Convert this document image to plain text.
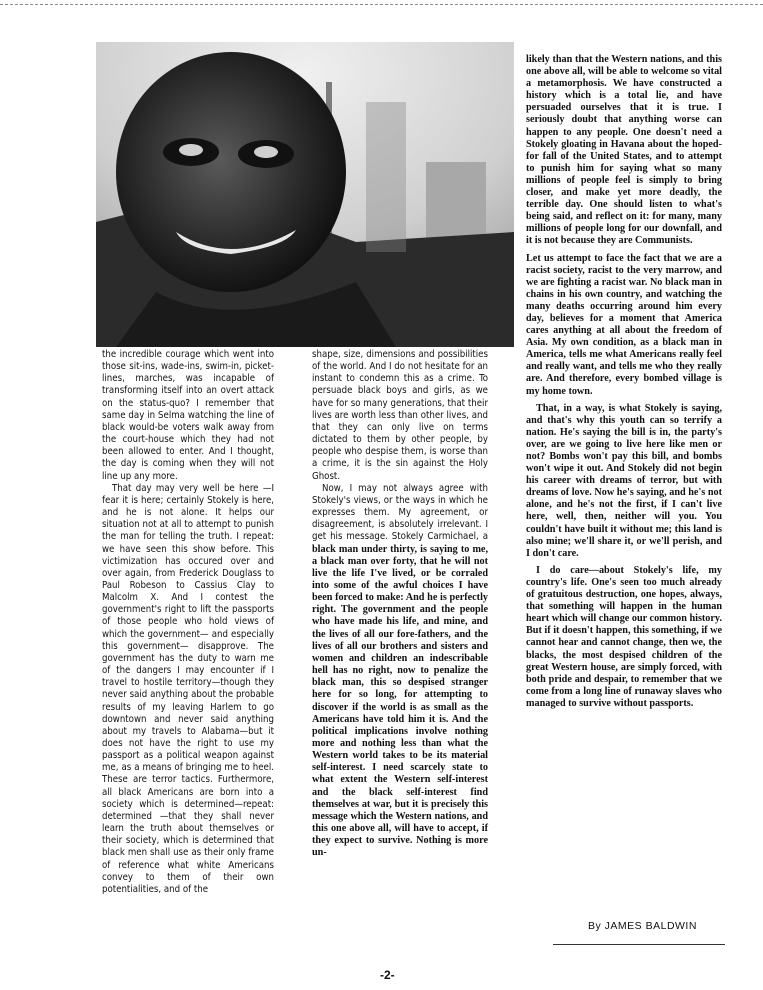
the incredible courage which went into those sit-ins, wade-ins, swim-in, picket-lines, marches, was incapable of transforming itself into an overt attack on the status-quo? I remember that same day in Selma watching the line of black would-be voters walk away from the court-house which they had not been allowed to enter. And I thought, the day is coming when they will not line up any more.

That day may very well be here —I fear it is here; certainly Stokely is here, and he is not alone. It helps our situation not at all to attempt to punish the man for telling the truth. I repeat: we have seen this show before. This victimization has occured over and over again, from Frederick Douglass to Paul Robeson to Cassius Clay to Malcolm X. And I contest the government's right to lift the passports of those people who hold views of which the government— and especially this government— disapprove. The government has the duty to warn me of the dangers I may encounter if I travel to hostile territory—though they never said anything about the probable results of my leaving Harlem to go downtown and never said anything about my travels to Alabama—but it does not have the right to use my passport as a political weapon against me, as a means of bringing me to heel. These are terror tactics. Furthermore, all black Americans are born into a society which is determined—repeat: determined —that they shall never learn the truth about themselves or their society, which is determined that black men shall use as their only frame of reference what white Americans convey to them of their own potentialities, and of the

shape, size, dimensions and possibilities of the world. And I do not hesitate for an instant to condemn this as a crime. To persuade black boys and girls, as we have for so many generations, that their lives are worth less than other lives, and that they can only live on terms dictated to them by other people, by people who despise them, is worse than a crime, it is the sin against the Holy Ghost.

Now, I may not always agree with Stokely's views, or the ways in which he expresses them. My agreement, or disagreement, is absolutely irrelevant. I get his message. Stokely Carmichael, a black man under thirty, is saying to me, a black man over forty, that he will not live the life I've lived, or be corraled into some of the awful choices I have been forced to make: And he is perfectly right. The government and the people who have made his life, and mine, and the lives of all our fore-fathers, and the lives of all our brothers and sisters and women and children an indescribable hell has no right, now to penalize the black man, this so despised stranger here for so long, for attempting to discover if the world is as small as the Americans have told him it is. And the political implications involve nothing more and nothing less than what the Western world takes to be its material self-interest. I need scarcely state to what extent the Western self-interest and the black self-interest find themselves at war, but it is precisely this message which the Western nations, and this one above all, will have to accept, if they expect to survive. Nothing is more un-

likely than that the Western nations, and this one above all, will be able to welcome so vital a metamorphosis. We have constructed a history which is a total lie, and have persuaded ourselves that it is true. I seriously doubt that anything worse can happen to any people. One doesn't need a Stokely gloating in Havana about the hoped-for fall of the United States, and to attempt to punish him for saying what so many millions of people feel is simply to bring closer, and make yet more deadly, the terrible day. One should listen to what's being said, and reflect on it: for many, many millions of people long for our downfall, and it is not because they are Communists.

Let us attempt to face the fact that we are a racist society, racist to the very marrow, and we are fighting a racist war. No black man in chains in his own country, and watching the many deaths occurring around him every day, believes for a moment that America cares anything at all about the freedom of Asia. My own condition, as a black man in America, tells me what Americans really feel and really want, and tells me who they really are. And therefore, every bombed village is my home town.

That, in a way, is what Stokely is saying, and that's why this youth can so terrify a nation. He's saying the bill is in, the party's over, are we going to live here like men or not? Bombs won't pay this bill, and bombs won't wipe it out. And Stokely did not begin his career with dreams of terror, but with dreams of love. Now he's saying, and he's not alone, and he's not the first, if I can't live here, well, then, neither will you. You couldn't have built it without me; this land is also mine; we'll share it, or we'll perish, and I don't care.

I do care—about Stokely's life, my country's life. One's seen too much already of gratuitous destruction, one hopes, always, that something will happen in the human heart which will change our common history. But if it doesn't happen, this something, if we cannot hear and cannot change, then we, the blacks, the most despised children of the great Western house, are simply forced, with both pride and despair, to remember that we come from a long line of runaway slaves who managed to survive without passports.

By JAMES BALDWIN
-2-
